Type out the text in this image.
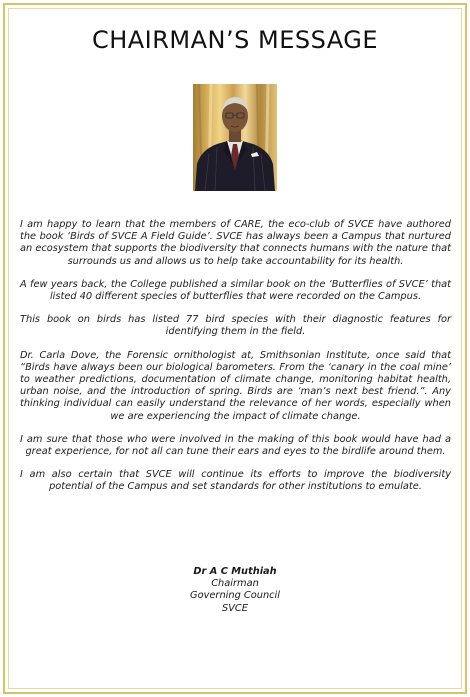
CHAIRMAN’S MESSAGE

I am happy to learn that the members of CARE, the eco-club of SVCE have authored the book ‘Birds of SVCE A Field Guide’. SVCE has always been a Campus that nurtured an ecosystem that supports the biodiversity that connects humans with the nature that surrounds us and allows us to help take accountability for its health.

A few years back, the College published a similar book on the ‘Butterflies of SVCE’ that listed 40 different species of butterflies that were recorded on the Campus.

This book on birds has listed 77 bird species with their diagnostic features for identifying them in the field.

Dr. Carla Dove, the Forensic ornithologist at, Smithsonian Institute, once said that “Birds have always been our biological barometers. From the ‘canary in the coal mine’ to weather predictions, documentation of climate change, monitoring habitat health, urban noise, and the introduction of spring. Birds are ‘man’s next best friend.”. Any thinking individual can easily understand the relevance of her words, especially when we are experiencing the impact of climate change.

I am sure that those who were involved in the making of this book would have had a great experience, for not all can tune their ears and eyes to the birdlife around them.

I am also certain that SVCE will continue its efforts to improve the biodiversity potential of the Campus and set standards for other institutions to emulate.

Dr A C Muthiah
Chairman
Governing Council
SVCE
